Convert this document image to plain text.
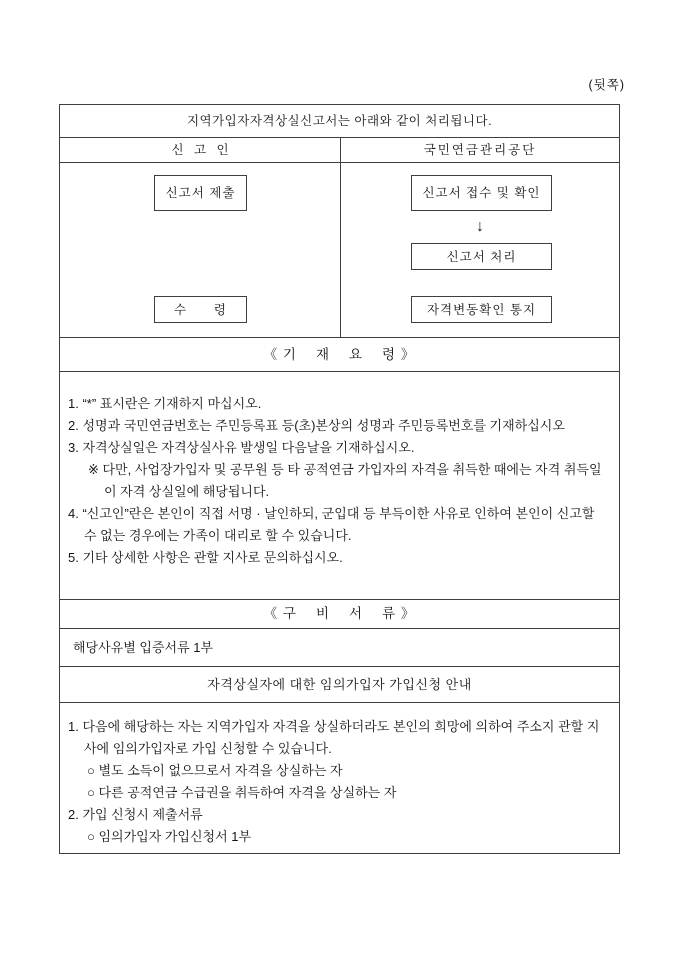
(뒷쪽)
지역가입자자격상실신고서는 아래와 같이 처리됩니다.
신   고   인	국민연금관리공단
신고서 제출
수      령
신고서 접수 및 확인
↓
신고서 처리
자격변동확인 통지
《 기    재    요    령 》
1. “*” 표시란은 기재하지 마십시오.
2. 성명과 국민연금번호는 주민등록표 등(초)본상의 성명과 주민등록번호를 기재하십시오
3. 자격상실일은 자격상실사유 발생일 다음날을 기재하십시오.
※ 다만, 사업장가입자 및 공무원 등 타 공적연금 가입자의 자격을 취득한 때에는 자격 취득일이 자격 상실일에 해당됩니다.
4. “신고인”란은 본인이 직접 서명 · 날인하되, 군입대 등 부득이한 사유로 인하여 본인이 신고할 수 없는 경우에는 가족이 대리로 할 수 있습니다.
5. 기타 상세한 사항은 관할 지사로 문의하십시오.
《 구    비    서    류 》
해당사유별 입증서류 1부
자격상실자에 대한 임의가입자 가입신청 안내
1. 다음에 해당하는 자는 지역가입자 자격을 상실하더라도 본인의 희망에 의하여 주소지 관할 지사에 임의가입자로 가입 신청할 수 있습니다.
○ 별도 소득이 없으므로서 자격을 상실하는 자
○ 다른 공적연금 수급권을 취득하여 자격을 상실하는 자
2. 가입 신청시 제출서류
○ 임의가입자 가입신청서 1부
